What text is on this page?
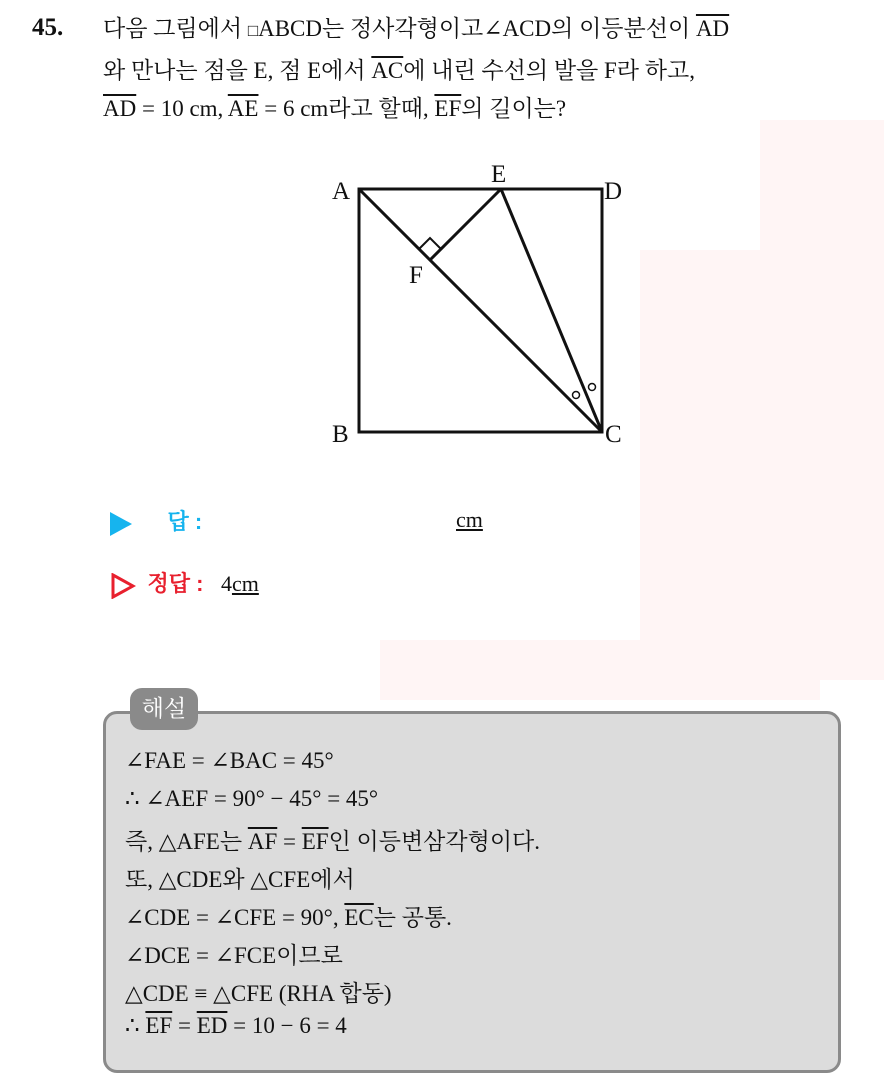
45. 다음 그림에서 □ABCD는 정사각형이고∠ACD의 이등분선이 $\overline{AD}$
와 만나는 점을 E, 점 E에서 $\overline{AC}$에 내린 수선의 발을 F라 하고,
$\overline{AD} = 10$ cm, $\overline{AE} = 6$ cm라고 할때, $\overline{EF}$의 길이는?
A
E
D
F
B	C
답 :	cm
정답 : 4cm
해설
∠FAE = ∠BAC = 45°
∴ ∠AEF = 90° − 45° = 45°
즉, △AFE는 $\overline{AF} = \overline{EF}$인 이등변삼각형이다.
또, △CDE와 △CFE에서
∠CDE = ∠CFE = 90°, $\overline{EC}$는 공통.
∠DCE = ∠FCE이므로
△CDE ≡ △CFE (RHA 합동)
∴ $\overline{EF} = \overline{ED} = 10 - 6 = 4$
